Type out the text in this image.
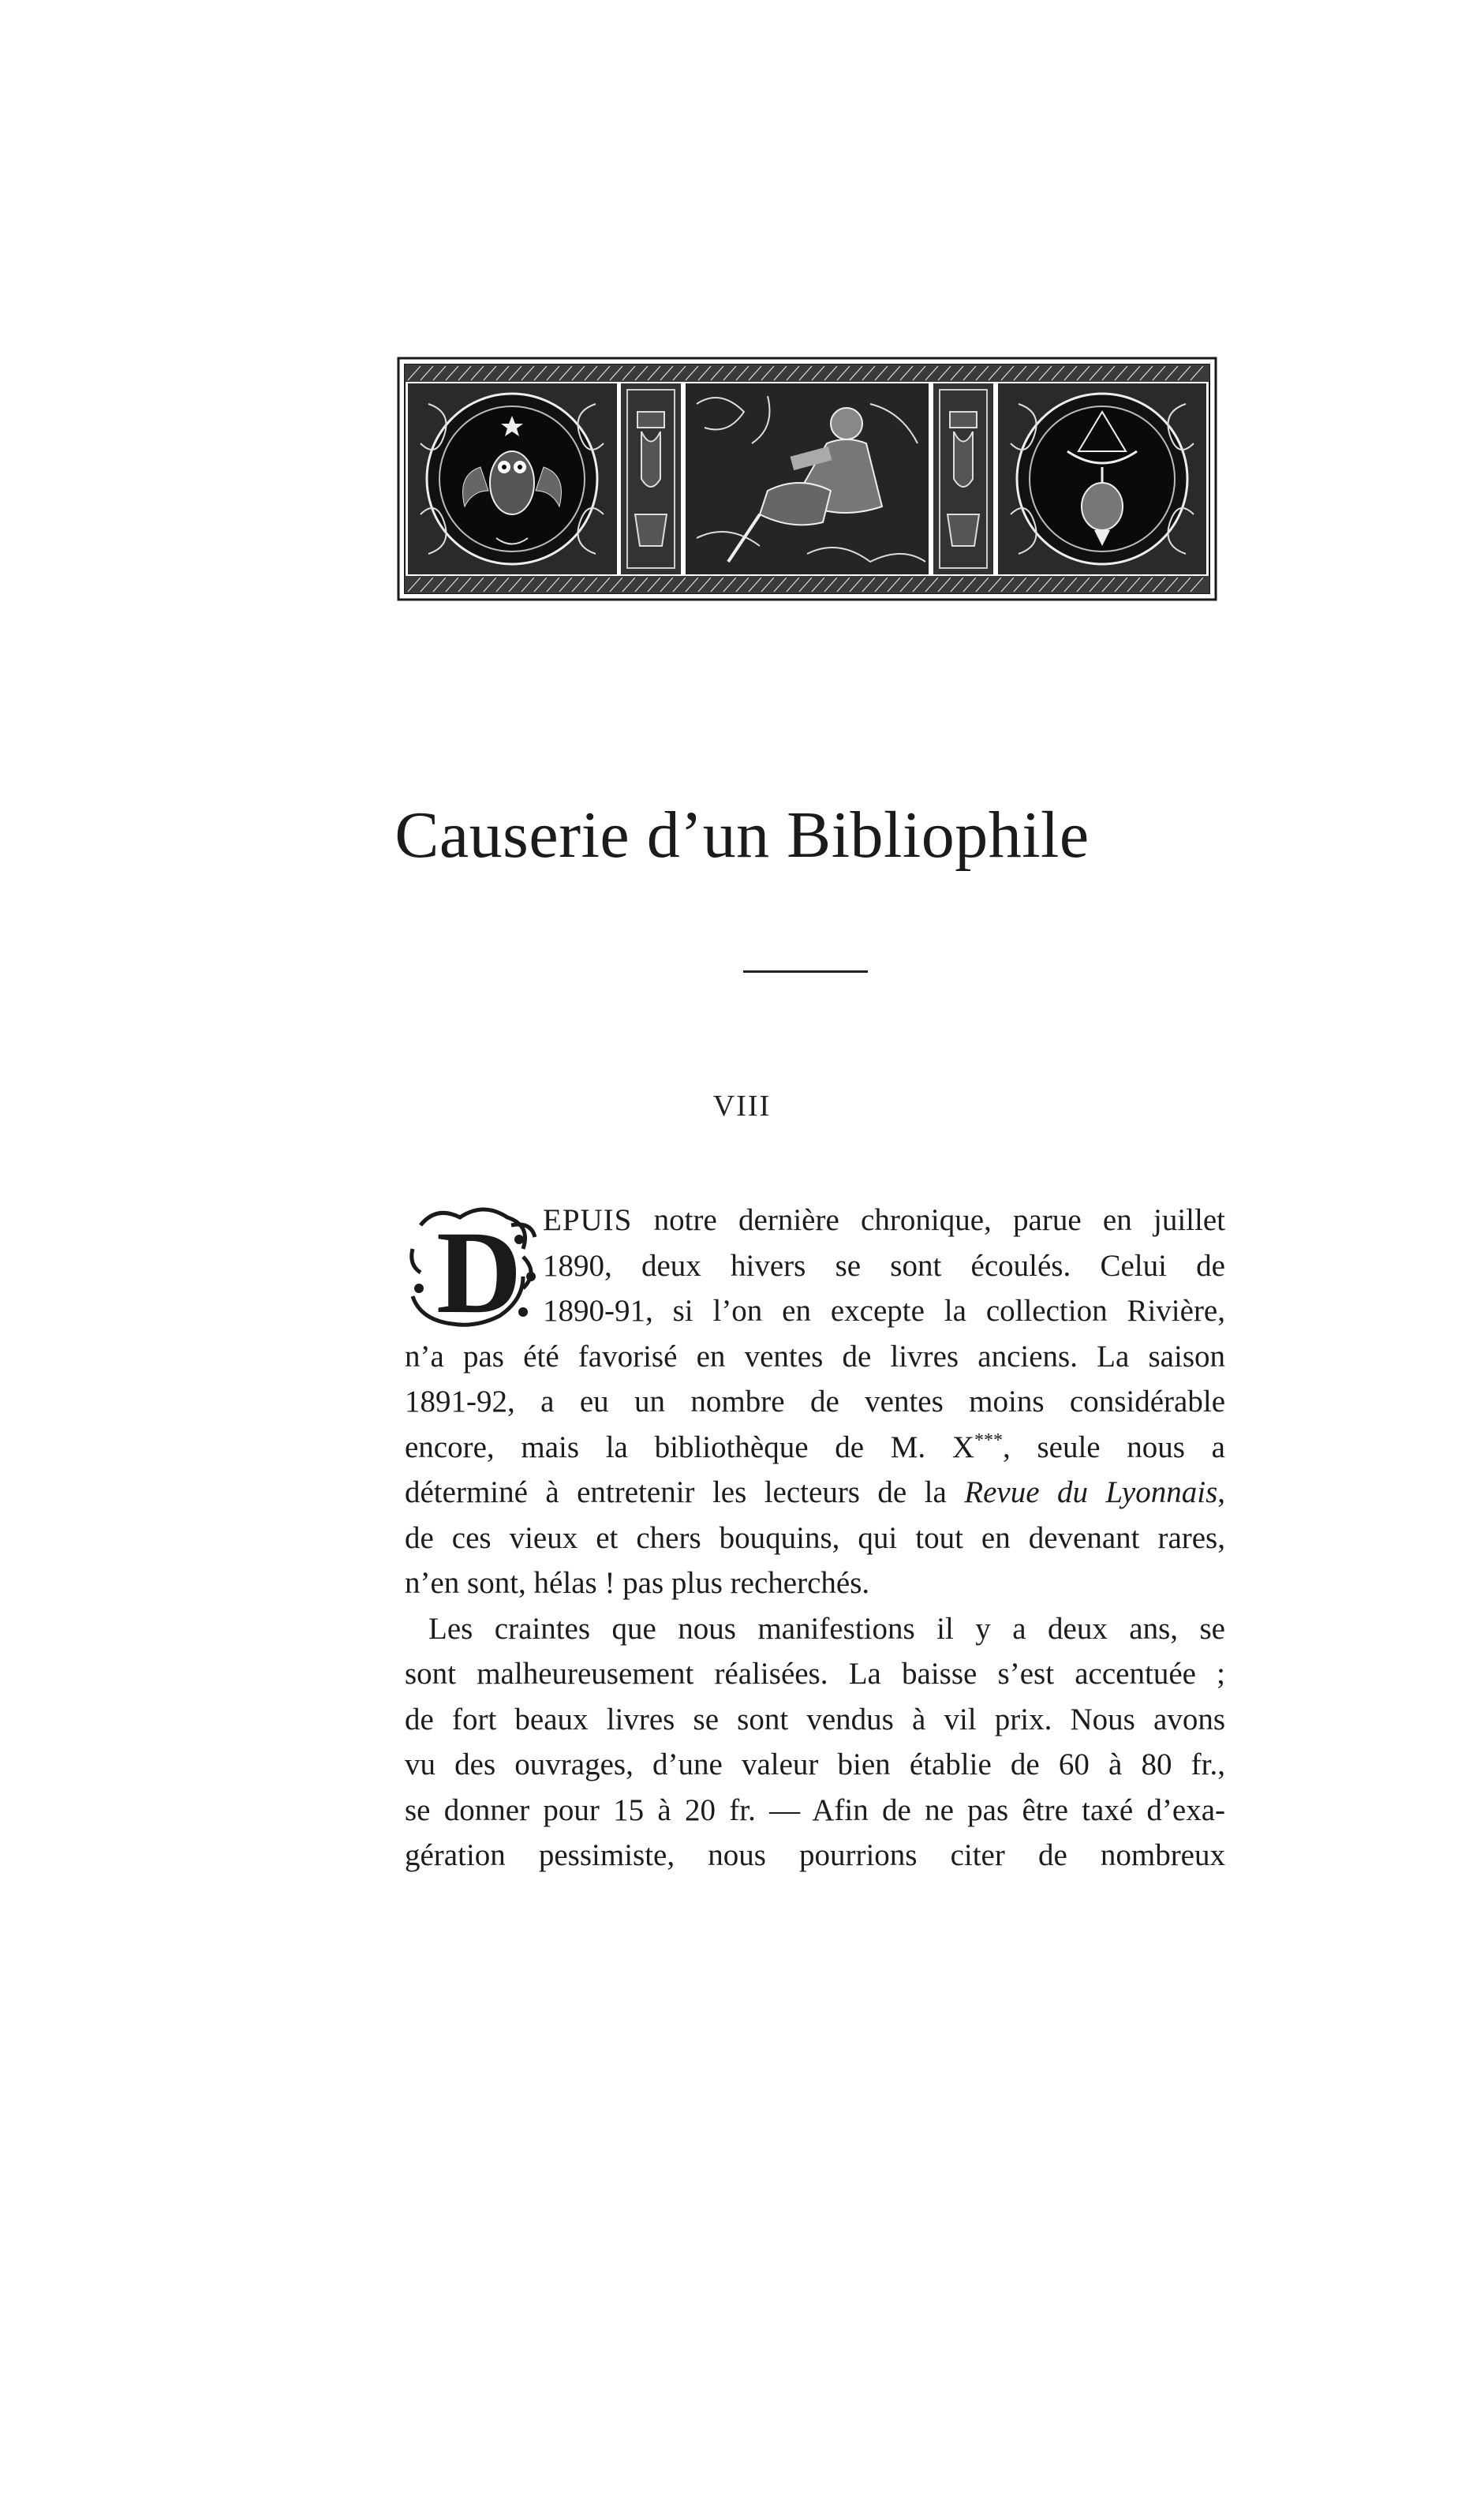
Causerie d’un Bibliophile
VIII
D EPUIS notre dernière chronique, parue en juillet
1890, deux hivers se sont écoulés. Celui de
1890-91, si l’on en excepte la collection Rivière,
n’a pas été favorisé en ventes de livres anciens. La saison
1891-92, a eu un nombre de ventes moins considérable
encore, mais la bibliothèque de M. X***, seule nous a
déterminé à entretenir les lecteurs de la Revue du Lyonnais,
de ces vieux et chers bouquins, qui tout en devenant rares,
n’en sont, hélas ! pas plus recherchés.
Les craintes que nous manifestions il y a deux ans, se
sont malheureusement réalisées. La baisse s’est accentuée ;
de fort beaux livres se sont vendus à vil prix. Nous avons
vu des ouvrages, d’une valeur bien établie de 60 à 80 fr.,
se donner pour 15 à 20 fr. — Afin de ne pas être taxé d’exa-
gération pessimiste, nous pourrions citer de nombreux
